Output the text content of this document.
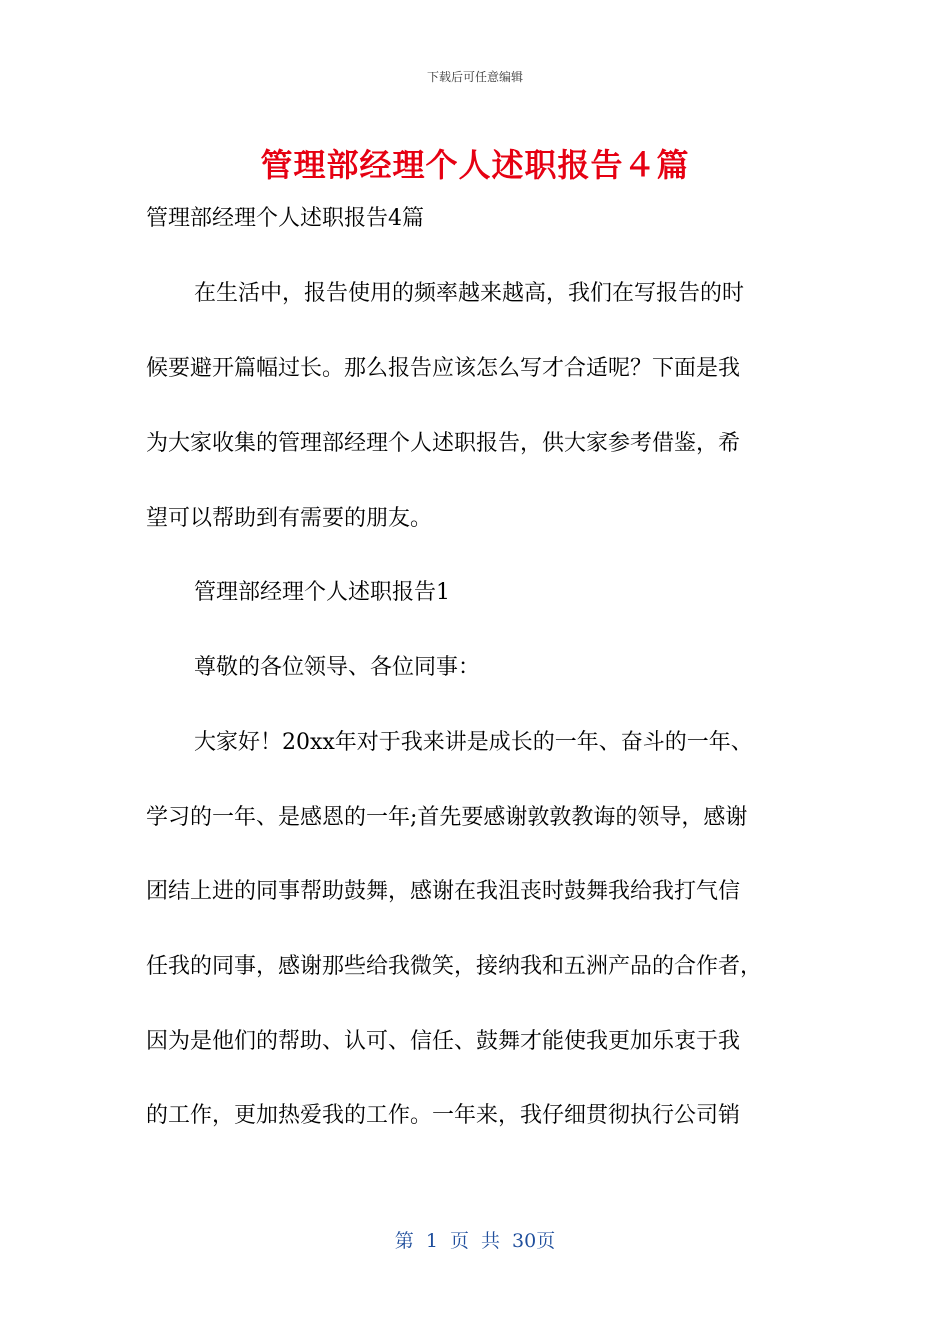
下载后可任意编辑
管理部经理个人述职报告４篇
管理部经理个人述职报告4篇
在生活中，报告使用的频率越来越高，我们在写报告的时
候要避开篇幅过长。那么报告应该怎么写才合适呢？下面是我
为大家收集的管理部经理个人述职报告，供大家参考借鉴，希
望可以帮助到有需要的朋友。
管理部经理个人述职报告1
尊敬的各位领导、各位同事：
大家好！20xx年对于我来讲是成长的一年、奋斗的一年、
学习的一年、是感恩的一年;首先要感谢敦敦教诲的领导，感谢
团结上进的同事帮助鼓舞，感谢在我沮丧时鼓舞我给我打气信
任我的同事，感谢那些给我微笑，接纳我和五洲产品的合作者，
因为是他们的帮助、认可、信任、鼓舞才能使我更加乐衷于我
的工作，更加热爱我的工作。一年来，我仔细贯彻执行公司销
第 1 页 共 30页
